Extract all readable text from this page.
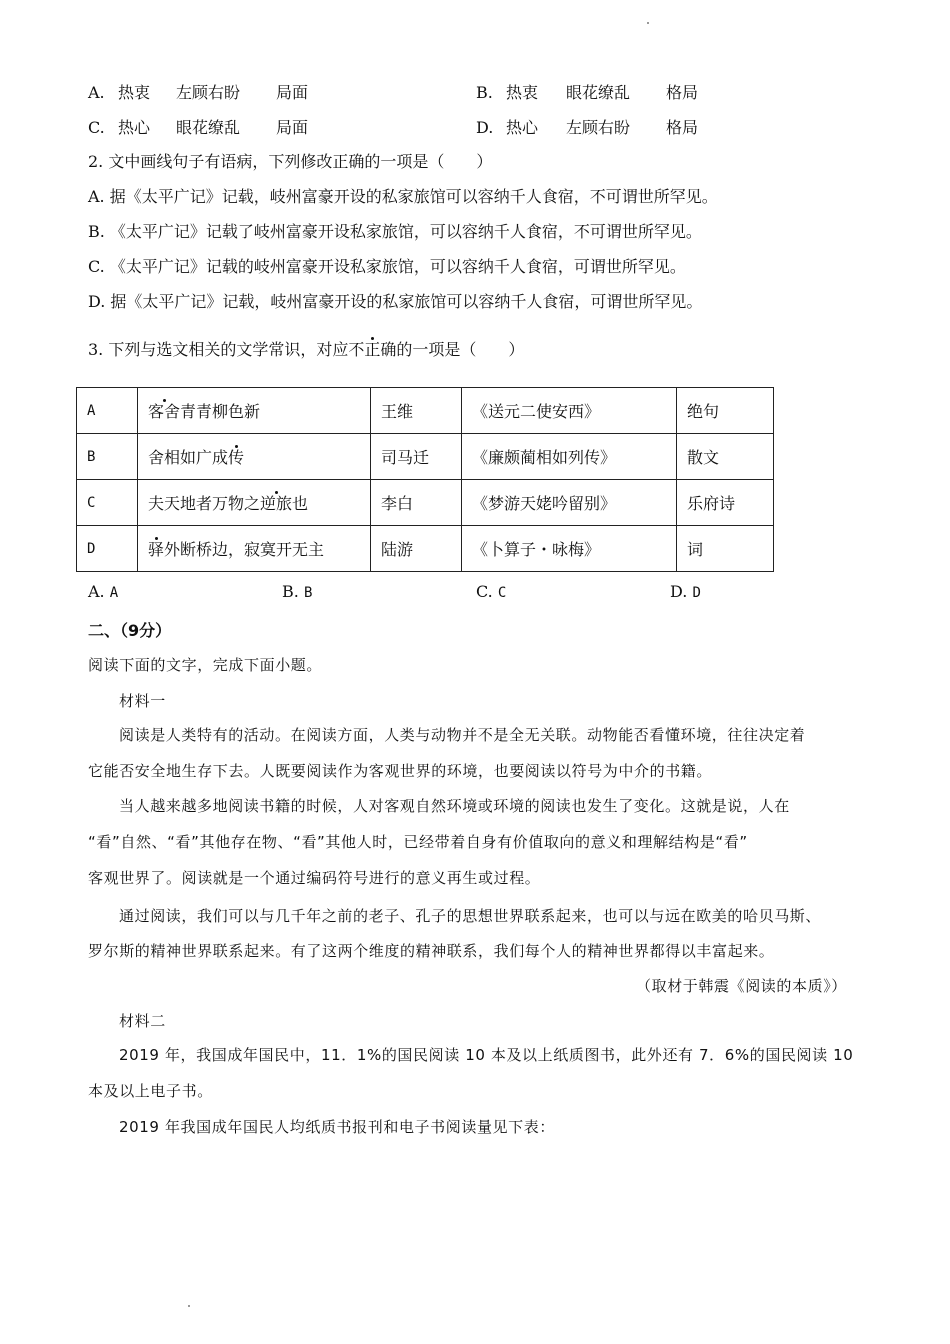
A. 热衷 左顾右盼 局面	B. 热衷 眼花缭乱 格局
C. 热心 眼花缭乱 局面	D. 热心 左顾右盼 格局
2. 文中画线句子有语病，下列修改正确的一项是（　　）
A. 据《太平广记》记载，岐州富豪开设的私家旅馆可以容纳千人食宿，不可谓世所罕见。
B. 《太平广记》记载了岐州富豪开设私家旅馆，可以容纳千人食宿，不可谓世所罕见。
C. 《太平广记》记载的岐州富豪开设私家旅馆，可以容纳千人食宿，可谓世所罕见。
D. 据《太平广记》记载，岐州富豪开设的私家旅馆可以容纳千人食宿，可谓世所罕见。
3. 下列与选文相关的文学常识，对应不正确的一项是（　　）
A	客舍青青柳色新	王维	《送元二使安西》	绝句
B	舍相如广成传	司马迁	《廉颇蔺相如列传》	散文
C	夫天地者万物之逆旅也	李白	《梦游天姥吟留别》	乐府诗
D	驿外断桥边，寂寞开无主	陆游	《卜算子・咏梅》	词
A. A	B. B	C. C	D. D
二、（9分）
阅读下面的文字，完成下面小题。
材料一
阅读是人类特有的活动。在阅读方面，人类与动物并不是全无关联。动物能否看懂环境，往往决定着
它能否安全地生存下去。人既要阅读作为客观世界的环境，也要阅读以符号为中介的书籍。
当人越来越多地阅读书籍的时候，人对客观自然环境或环境的阅读也发生了变化。这就是说，人在
“看”自然、“看”其他存在物、“看”其他人时，已经带着自身有价值取向的意义和理解结构是“看”
客观世界了。阅读就是一个通过编码符号进行的意义再生或过程。
通过阅读，我们可以与几千年之前的老子、孔子的思想世界联系起来，也可以与远在欧美的哈贝马斯、
罗尔斯的精神世界联系起来。有了这两个维度的精神联系，我们每个人的精神世界都得以丰富起来。
（取材于韩震《阅读的本质》）
材料二
2019 年，我国成年国民中，11．1%的国民阅读 10 本及以上纸质图书，此外还有 7．6%的国民阅读 10
本及以上电子书。
2019 年我国成年国民人均纸质书报刊和电子书阅读量见下表：
